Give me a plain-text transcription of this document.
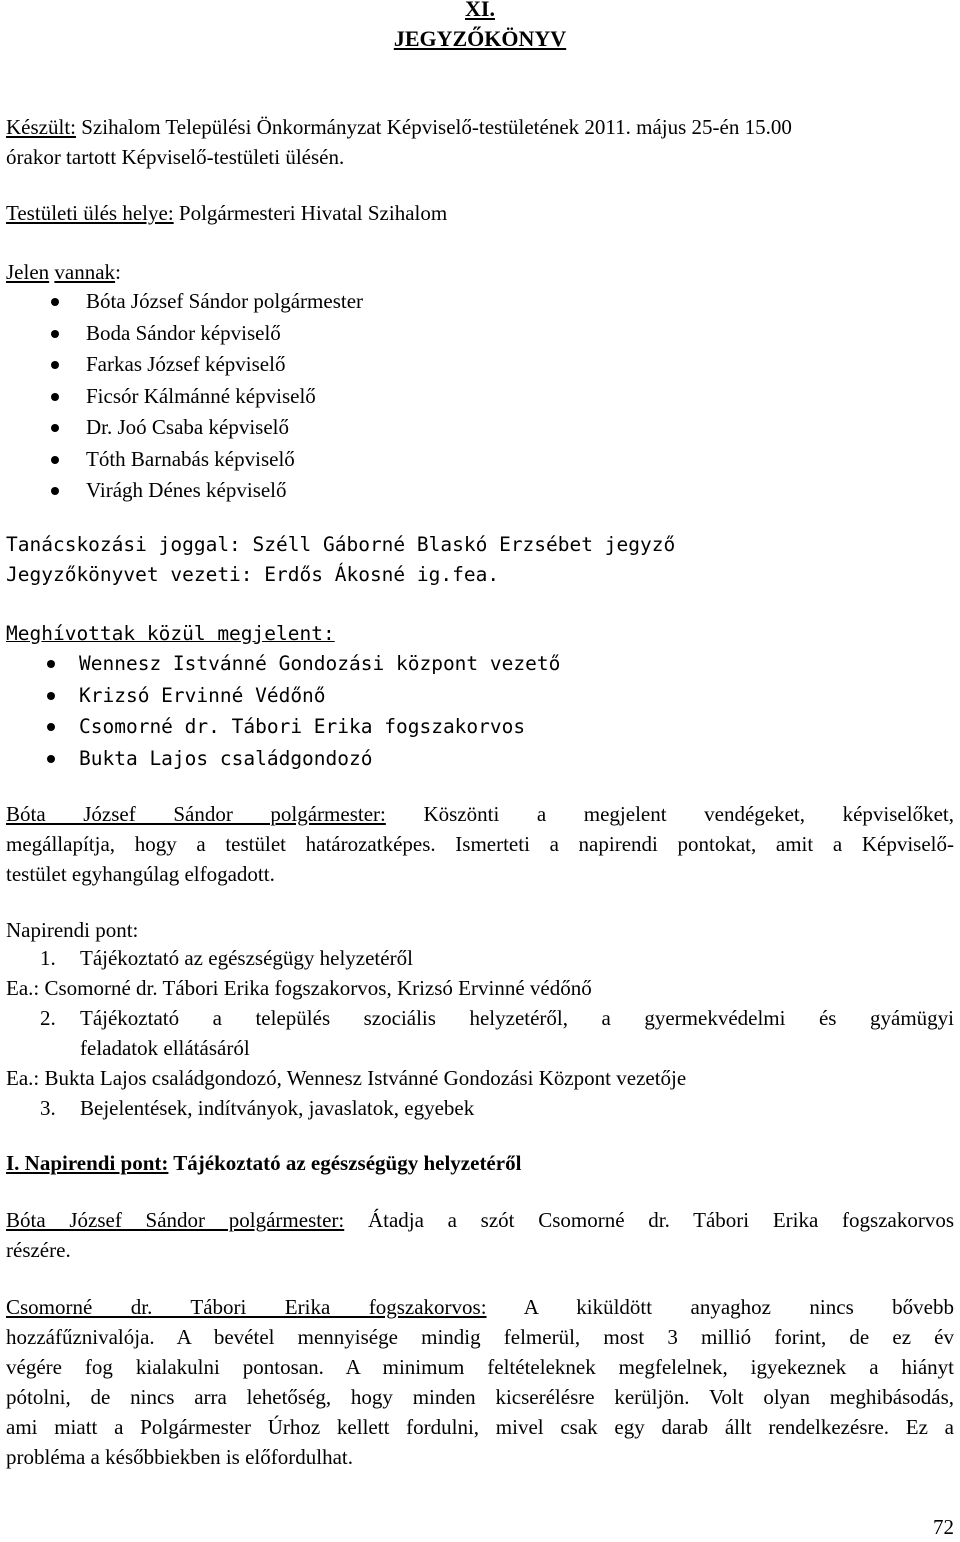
XI.
JEGYZŐKÖNYV

Készült: Szihalom Települési Önkormányzat Képviselő-testületének 2011. május 25-én 15.00
órakor tartott Képviselő-testületi ülésén.

Testületi ülés helye: Polgármesteri Hivatal Szihalom

Jelen vannak:

Bóta József Sándor polgármester
Boda Sándor képviselő
Farkas József képviselő
Ficsór Kálmánné képviselő
Dr. Joó Csaba képviselő
Tóth Barnabás képviselő
Virágh Dénes képviselő

Tanácskozási joggal: Széll Gáborné Blaskó Erzsébet jegyző

Jegyzőkönyvet vezeti: Erdős Ákosné ig.fea.

Meghívottak közül megjelent:

Wennesz Istvánné Gondozási központ vezető
Krizsó Ervinné Védőnő
Csomorné dr. Tábori Erika fogszakorvos
Bukta Lajos családgondozó
Bóta József Sándor polgármester: Köszönti a megjelent vendégeket, képviselőket,
megállapítja, hogy a testület határozatképes. Ismerteti a napirendi pontokat, amit a Képviselő-
testület egyhangúlag elfogadott.

Napirendi pont:

1.	Tájékoztató az egészségügy helyzetéről
Ea.: Csomorné dr. Tábori Erika fogszakorvos, Krizsó Ervinné védőnő
2.	Tájékoztató a település szociális helyzetéről, a gyermekvédelmi és gyámügyi
feladatok ellátásáról
Ea.: Bukta Lajos családgondozó, Wennesz Istvánné Gondozási Központ vezetője
3.	Bejelentések, indítványok, javaslatok, egyebek

I. Napirendi pont: Tájékoztató az egészségügy helyzetéről

Bóta József Sándor polgármester: Átadja a szót Csomorné dr. Tábori Erika fogszakorvos
részére.
Csomorné dr. Tábori Erika fogszakorvos: A kiküldött anyaghoz nincs bővebb
hozzáfűznivalója. A bevétel mennyisége mindig felmerül, most 3 millió forint, de ez év
végére fog kialakulni pontosan. A minimum feltételeknek megfelelnek, igyekeznek a hiányt
pótolni, de nincs arra lehetőség, hogy minden kicserélésre kerüljön. Volt olyan meghibásodás,
ami miatt a Polgármester Úrhoz kellett fordulni, mivel csak egy darab állt rendelkezésre. Ez a
probléma a későbbiekben is előfordulhat.
72
